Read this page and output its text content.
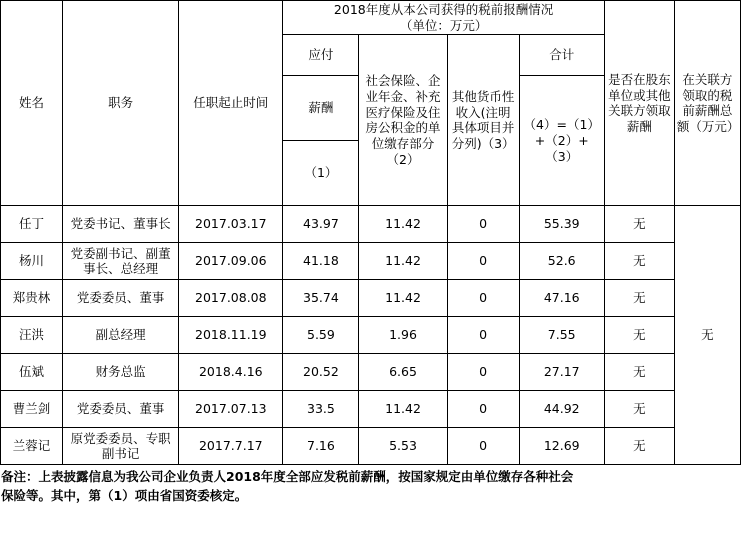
姓名	职务	任职起止时间	2018年度从本公司获得的税前报酬情况
（单位：万元）				是否在股东单位或其他关联方领取薪酬	在关联方领取的税前薪酬总额（万元）
			应付	社会保险、企业年金、补充医疗保险及住房公积金的单位缴存部分（2）	其他货币性收入(注明具体项目并分列)（3）	合计		
			薪酬			（4）=（1）+（2）+（3）		
			（1）					
任丁	党委书记、董事长	2017.03.17	43.97	11.42	0	55.39	无	无
杨川	党委副书记、副董事长、总经理	2017.09.06	41.18	11.42	0	52.6	无	
郑贵林	党委委员、董事	2017.08.08	35.74	11.42	0	47.16	无	
汪洪	副总经理	2018.11.19	5.59	1.96	0	7.55	无	
伍斌	财务总监	2018.4.16	20.52	6.65	0	27.17	无	
曹兰剑	党委委员、董事	2017.07.13	33.5	11.42	0	44.92	无	
兰蓉记	原党委委员、专职副书记	2017.7.17	7.16	5.53	0	12.69	无	
备注：上表披露信息为我公司企业负责人2018年度全部应发税前薪酬，按国家规定由单位缴存各种社会
保险等。其中，第（1）项由省国资委核定。
